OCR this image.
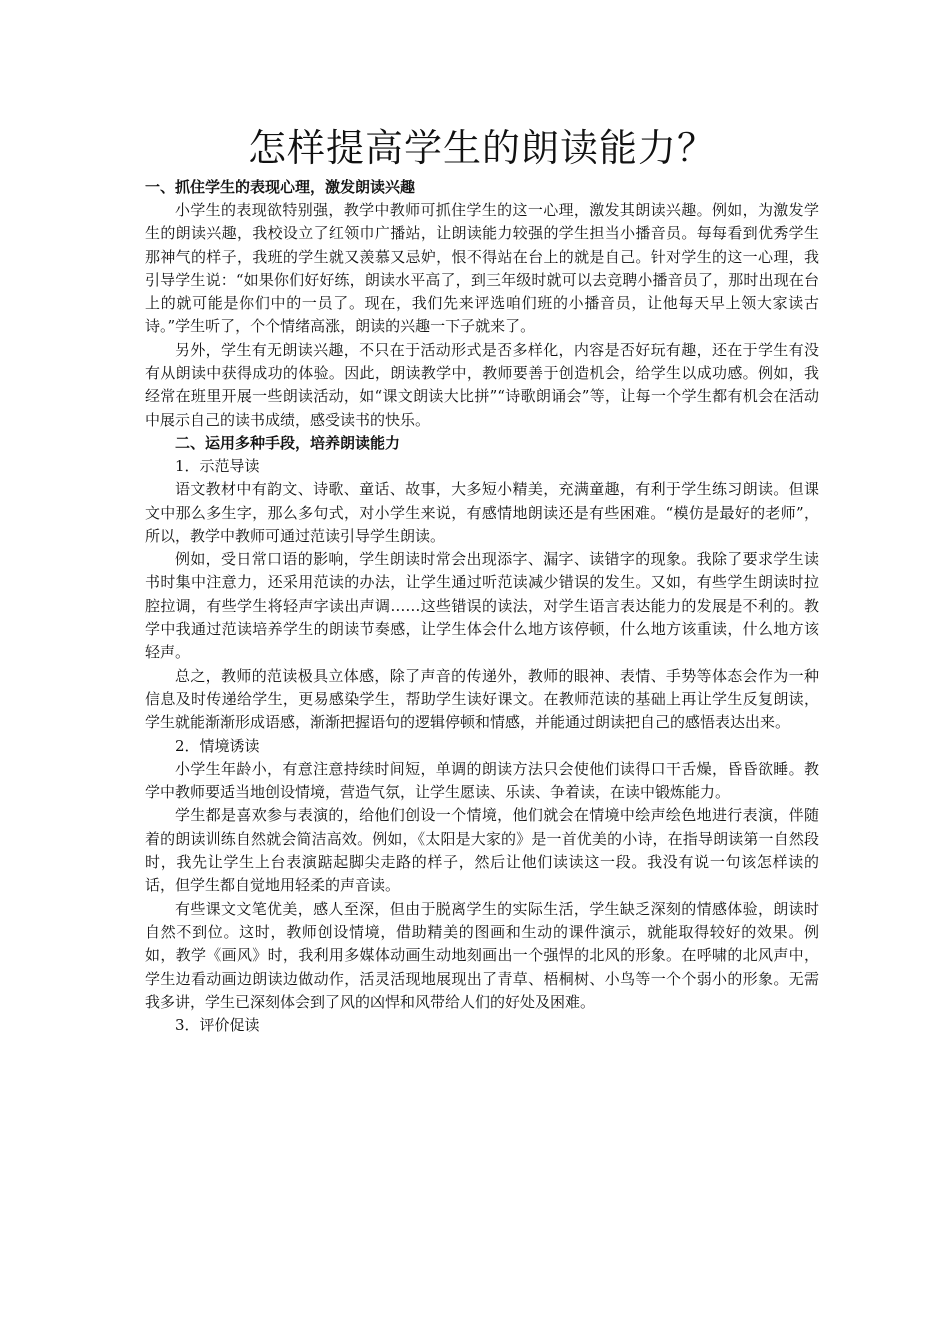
怎样提高学生的朗读能力？

一、抓住学生的表现心理，激发朗读兴趣

小学生的表现欲特别强，教学中教师可抓住学生的这一心理，激发其朗读兴趣。例如，为激发学生的朗读兴趣，我校设立了红领巾广播站，让朗读能力较强的学生担当小播音员。每每看到优秀学生那神气的样子，我班的学生就又羡慕又忌妒，恨不得站在台上的就是自己。针对学生的这一心理，我引导学生说：“如果你们好好练，朗读水平高了，到三年级时就可以去竞聘小播音员了，那时出现在台上的就可能是你们中的一员了。现在，我们先来评选咱们班的小播音员，让他每天早上领大家读古诗。”学生听了，个个情绪高涨，朗读的兴趣一下子就来了。

另外，学生有无朗读兴趣，不只在于活动形式是否多样化，内容是否好玩有趣，还在于学生有没有从朗读中获得成功的体验。因此，朗读教学中，教师要善于创造机会，给学生以成功感。例如，我经常在班里开展一些朗读活动，如“课文朗读大比拼”“诗歌朗诵会”等，让每一个学生都有机会在活动中展示自己的读书成绩，感受读书的快乐。

二、运用多种手段，培养朗读能力

1．示范导读

语文教材中有韵文、诗歌、童话、故事，大多短小精美，充满童趣，有利于学生练习朗读。但课文中那么多生字，那么多句式，对小学生来说，有感情地朗读还是有些困难。“模仿是最好的老师”，所以，教学中教师可通过范读引导学生朗读。

例如，受日常口语的影响，学生朗读时常会出现添字、漏字、读错字的现象。我除了要求学生读书时集中注意力，还采用范读的办法，让学生通过听范读减少错误的发生。又如，有些学生朗读时拉腔拉调，有些学生将轻声字读出声调……这些错误的读法，对学生语言表达能力的发展是不利的。教学中我通过范读培养学生的朗读节奏感，让学生体会什么地方该停顿，什么地方该重读，什么地方该轻声。

总之，教师的范读极具立体感，除了声音的传递外，教师的眼神、表情、手势等体态会作为一种信息及时传递给学生，更易感染学生，帮助学生读好课文。在教师范读的基础上再让学生反复朗读，学生就能渐渐形成语感，渐渐把握语句的逻辑停顿和情感，并能通过朗读把自己的感悟表达出来。

2．情境诱读

小学生年龄小，有意注意持续时间短，单调的朗读方法只会使他们读得口干舌燥，昏昏欲睡。教学中教师要适当地创设情境，营造气氛，让学生愿读、乐读、争着读，在读中锻炼能力。

学生都是喜欢参与表演的，给他们创设一个情境，他们就会在情境中绘声绘色地进行表演，伴随着的朗读训练自然就会简洁高效。例如，《太阳是大家的》是一首优美的小诗，在指导朗读第一自然段时，我先让学生上台表演踮起脚尖走路的样子，然后让他们读读这一段。我没有说一句该怎样读的话，但学生都自觉地用轻柔的声音读。

有些课文文笔优美，感人至深，但由于脱离学生的实际生活，学生缺乏深刻的情感体验，朗读时自然不到位。这时，教师创设情境，借助精美的图画和生动的课件演示，就能取得较好的效果。例如，教学《画风》时，我利用多媒体动画生动地刻画出一个强悍的北风的形象。在呼啸的北风声中，学生边看动画边朗读边做动作，活灵活现地展现出了青草、梧桐树、小鸟等一个个弱小的形象。无需我多讲，学生已深刻体会到了风的凶悍和风带给人们的好处及困难。

3．评价促读
